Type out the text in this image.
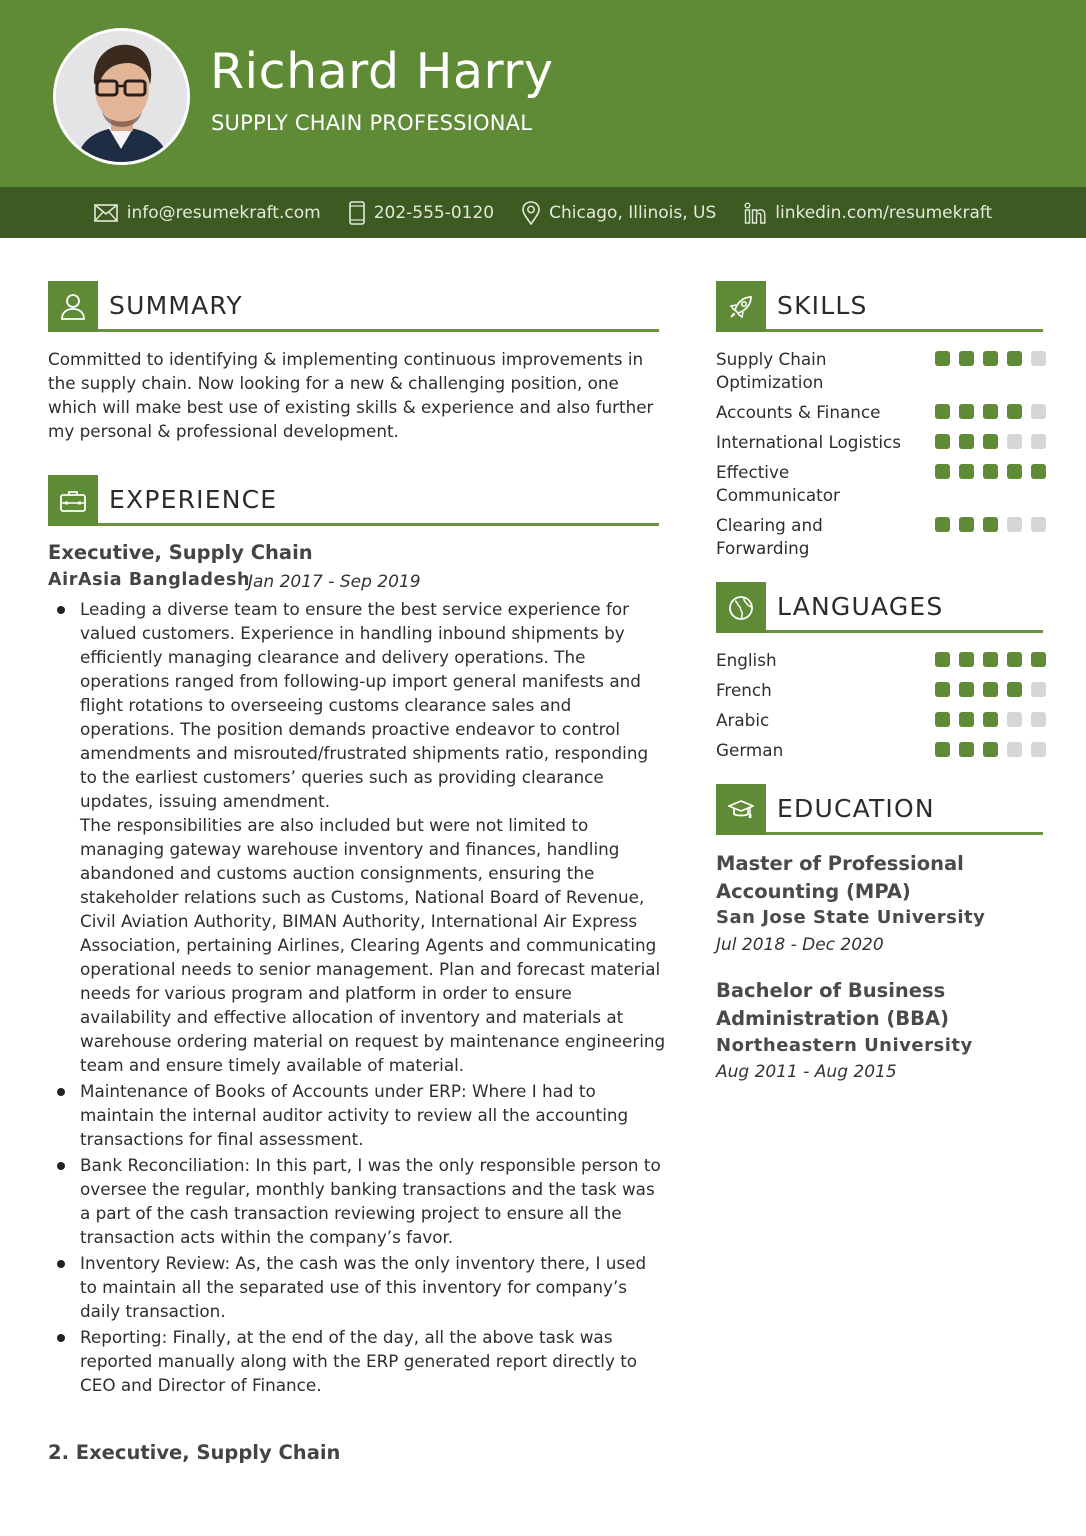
Richard Harry
SUPPLY CHAIN PROFESSIONAL
info@resumekraft.com	202-555-0120	Chicago, Illinois, US	linkedin.com/resumekraft
SUMMARY

Committed to identifying & implementing continuous improvements in the supply chain. Now looking for a new & challenging position, one which will make best use of existing skills & experience and also further my personal & professional development.

EXPERIENCE
Executive, Supply Chain
AirAsia Bangladesh
Jan 2017 - Sep 2019
Leading a diverse team to ensure the best service experience for valued customers. Experience in handling inbound shipments by efficiently managing clearance and delivery operations. The operations ranged from following-up import general manifests and flight rotations to overseeing customs clearance sales and operations. The position demands proactive endeavor to control amendments and misrouted/frustrated shipments ratio, responding to the earliest customers’ queries such as providing clearance updates, issuing amendment.
The responsibilities are also included but were not limited to managing gateway warehouse inventory and finances, handling abandoned and customs auction consignments, ensuring the stakeholder relations such as Customs, National Board of Revenue, Civil Aviation Authority, BIMAN Authority, International Air Express Association, pertaining Airlines, Clearing Agents and communicating operational needs to senior management. Plan and forecast material needs for various program and platform in order to ensure availability and effective allocation of inventory and materials at warehouse ordering material on request by maintenance engineering team and ensure timely available of material.
Maintenance of Books of Accounts under ERP: Where I had to maintain the internal auditor activity to review all the accounting transactions for final assessment.
Bank Reconciliation: In this part, I was the only responsible person to oversee the regular, monthly banking transactions and the task was a part of the cash transaction reviewing project to ensure all the transaction acts within the company’s favor.
Inventory Review: As, the cash was the only inventory there, I used to maintain all the separated use of this inventory for company’s daily transaction.
Reporting: Finally, at the end of the day, all the above task was reported manually along with the ERP generated report directly to CEO and Director of Finance.
2. Executive, Supply Chain
SKILLS
Supply Chain Optimization
Accounts & Finance
International Logistics
Effective Communicator
Clearing and Forwarding
LANGUAGES
English
French
Arabic
German
EDUCATION
Master of Professional Accounting (MPA)
San Jose State University
Jul 2018 - Dec 2020
Bachelor of Business Administration (BBA)
Northeastern University
Aug 2011 - Aug 2015
